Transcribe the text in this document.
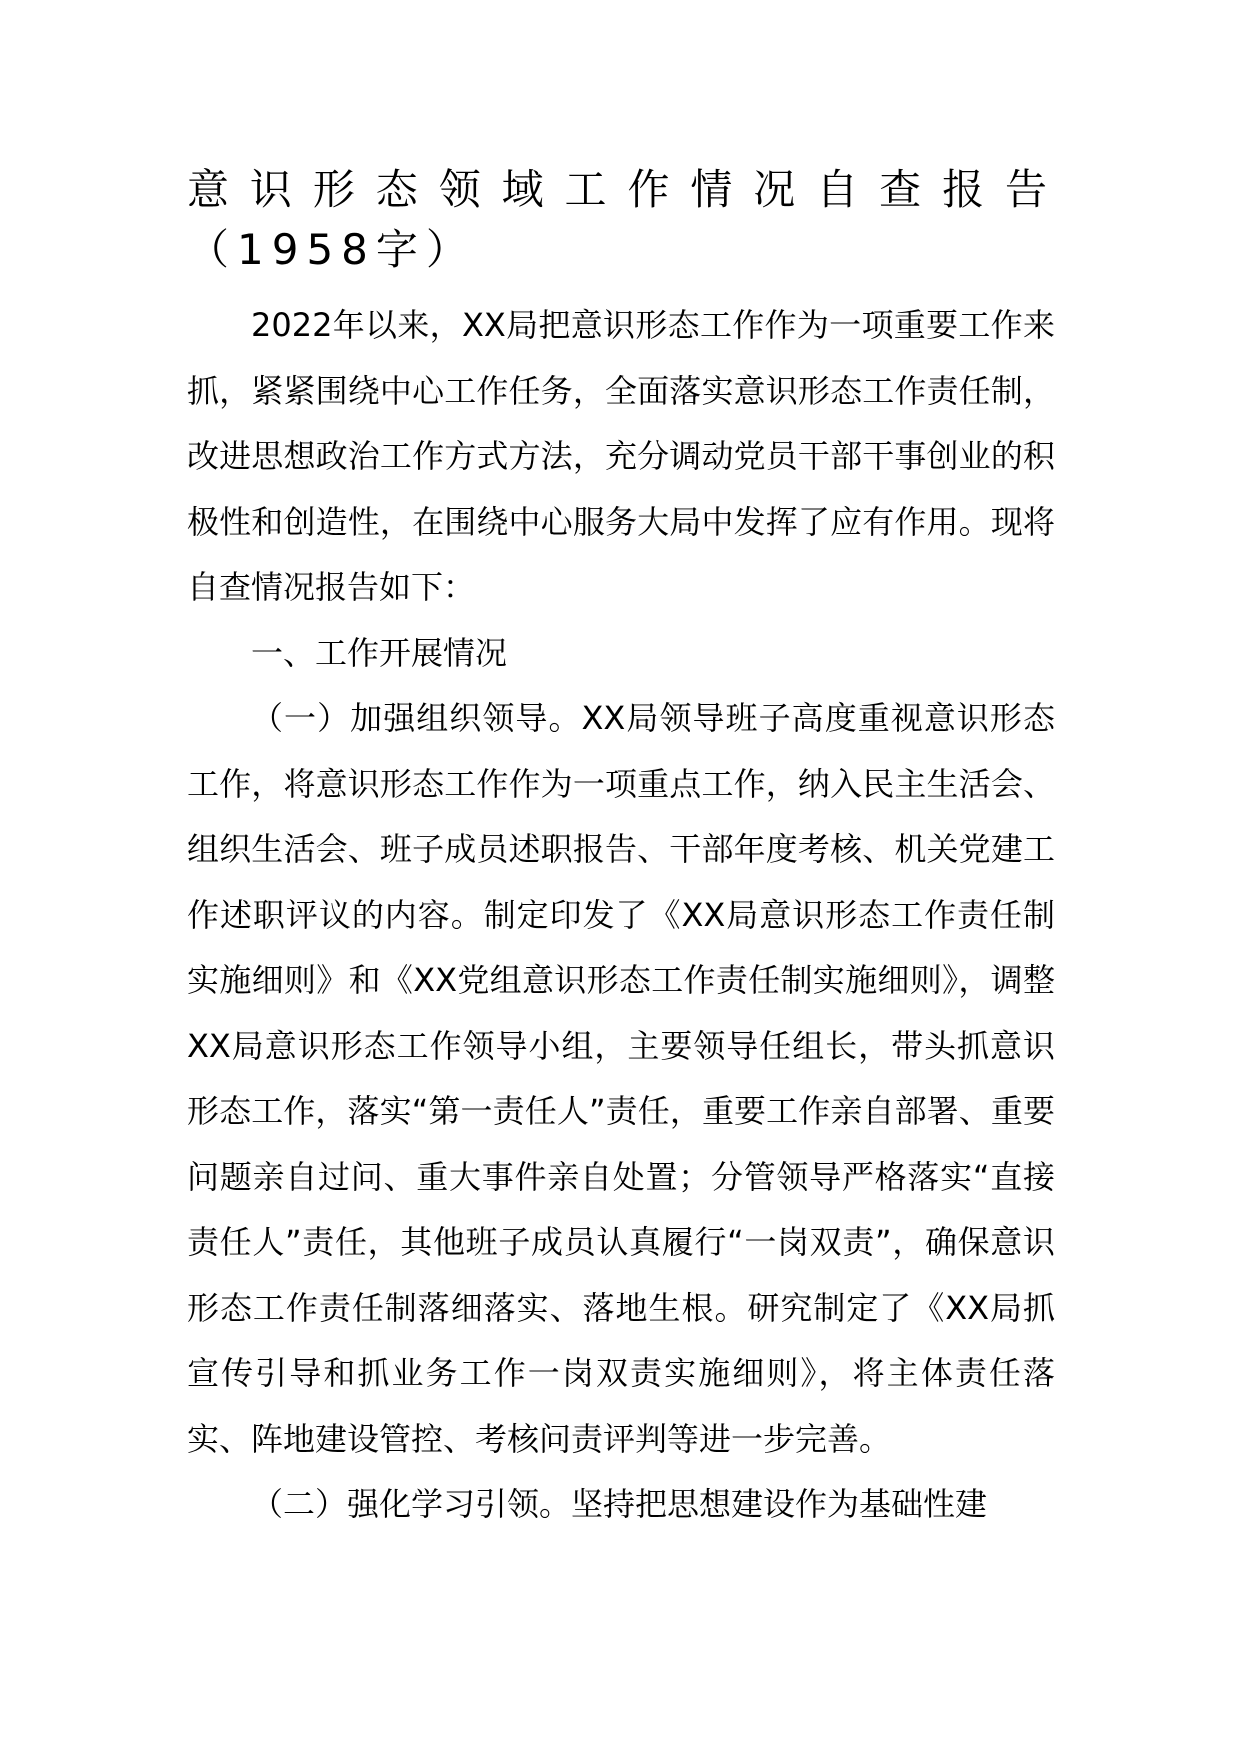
意识形态领域工作情况自查报告（1958字）

2022年以来，XX局把意识形态工作作为一项重要工作来抓，紧紧围绕中心工作任务，全面落实意识形态工作责任制，改进思想政治工作方式方法，充分调动党员干部干事创业的积极性和创造性，在围绕中心服务大局中发挥了应有作用。现将自查情况报告如下：

一、工作开展情况

（一）加强组织领导。XX局领导班子高度重视意识形态工作，将意识形态工作作为一项重点工作，纳入民主生活会、组织生活会、班子成员述职报告、干部年度考核、机关党建工作述职评议的内容。制定印发了《XX局意识形态工作责任制实施细则》和《XX党组意识形态工作责任制实施细则》，调整XX局意识形态工作领导小组，主要领导任组长，带头抓意识形态工作，落实“第一责任人”责任，重要工作亲自部署、重要问题亲自过问、重大事件亲自处置；分管领导严格落实“直接责任人”责任，其他班子成员认真履行“一岗双责”，确保意识形态工作责任制落细落实、落地生根。研究制定了《XX局抓宣传引导和抓业务工作一岗双责实施细则》，将主体责任落实、阵地建设管控、考核问责评判等进一步完善。

（二）强化学习引领。坚持把思想建设作为基础性建
